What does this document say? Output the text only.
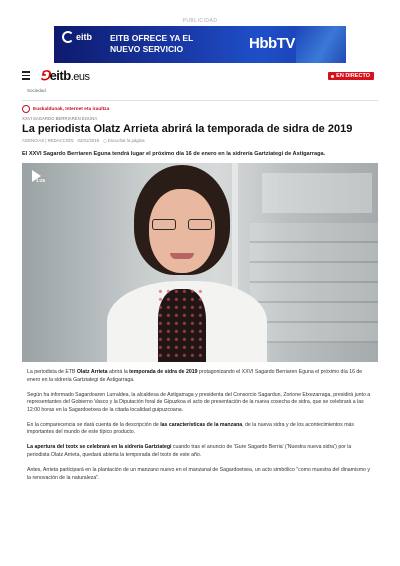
PUBLICIDAD
eitb EITB OFRECE YA EL
NUEVO SERVICIO	HbbTV
⅁eitb.eus	EN DIRECTO
Sociedad
Euskaldunak, Internet eta iraultza
XXVI SAGARDO BERRIAREN EGUNA
La periodista Olatz Arrieta abrirá la temporada de sidra de 2019
AGENCIAS | REDACCIÓN 02/01/2019
◯	Escuchar la página
El XXVI Sagardo Berriaren Eguna tendrá lugar el próximo día 16 de enero en la sidrería Gartziategi de Astigarraga.
1:25

La periodista de ETB Olatz Arrieta abrirá la temporada de sidra de 2019 protagonizando el XXVI Sagardo Berriaren Eguna el próximo día 16 de enero en la sidrería Gartziategi de Astigarraga.

Según ha informado Sagardoaren Lurraldea, la alcaldesa de Astigarraga y presidenta del Consorcio Sagardun, Zorione Etxezarraga, presidirá junto a representantes del Gobierno Vasco y la Diputación foral de Gipuzkoa el acto de presentación de la nueva cosecha de sidra, que se celebrará a las 12:00 horas en la Sagardoetxea de la citada localidad guipuzcoana.

En la comparecencia se dará cuenta de la descripción de las características de la manzana, de la nueva sidra y de los acontecimientos más importantes del mundo de este típico producto.

La apertura del txotx se celebrará en la sidrería Gartziategi cuando tras el anuncio de 'Gure Sagardo Berria' ('Nuestra nueva sidra') por la periodista Olatz Arrieta, quedará abierta la temporada del txotx de este año.

Antes, Arrieta participará en la plantación de un manzano nuevo en el manzanal de Sagardoetxea, un acto simbólico "como muestra del dinamismo y la renovación de la naturaleza".
